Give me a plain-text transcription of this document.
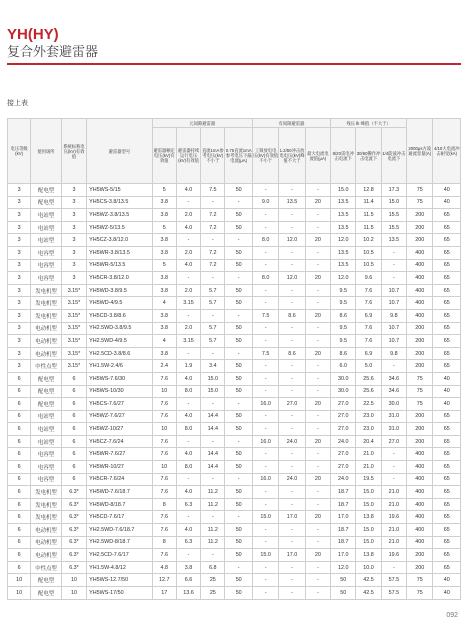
YH(HY)
复合外套避雷器
接上表
电压等级(kV)	使用场所	系统标称电压(kV)有效值	避雷器型号	元间隙避雷器				有间隙避雷器			残压 ⅡI 峰值（不大于）			2000μs方波通流容量(A)	4/10大电流冲击耐受(kA)
				避雷器额定电压(kV)有效值	避雷器持续运行电压(kV)有效值	直流1mA参考电压(kV)不小于	0.75直流1mA参考电压下漏电流(μA)	工频放电电压(kV)有效值不小于	1.2/50冲击放电电压(kV)峰值不大于	最大电流电流值(μA)	8/20雷电冲击电流下	30/60操作冲击电流下	1/4陡波冲击电流下		
3	配电型	3	YH5WS-5/15	5	4.0	7.5	50	-	-	-	15.0	12.8	17.3	75	40
3	配电型	3	YH5CS-3.8/13.5	3.8	-	-	-	9.0	13.5	20	13.5	11.4	15.0	75	40
3	电站型	3	YH5WZ-3.8/13.5	3.8	2.0	7.2	50	-	-	-	13.5	11.5	15.5	200	65
3	电站型	3	YH5WZ-5/13.5	5	4.0	7.2	50	-	-	-	13.5	11.5	15.5	200	65
3	电站型	3	YH5CZ-3.8/12.0	3.8	-	-	-	8.0	12.0	20	12.0	10.2	13.5	200	65
3	电容型	3	YH5WR-3.8/13.5	3.8	2.0	7.2	50	-	-	-	13.5	10.5	-	400	65
3	电容型	3	YH5WR-5/13.5	5	4.0	7.2	50	-	-	-	13.5	10.5	-	400	65
3	电容型	3	YH5CR-3.8/12.0	3.8	-	-	-	8.0	12.0	20	12.0	9.6	-	400	65
3	发电机型	3.15*	YH5WD-3.8/9.5	3.8	2.0	5.7	50	-	-	-	9.5	7.6	10.7	400	65
3	发电机型	3.15*	YH5WD-4/9.5	4	3.15	5.7	50	-	-	-	9.5	7.6	10.7	400	65
3	发电机型	3.15*	YH5CD-3.8/8.6	3.8	-	-	-	7.5	8.6	20	8.6	6.9	9.8	400	65
3	电动机型	3.15*	YH2.5WD-3.8/9.5	3.8	2.0	5.7	50	-	-	-	9.5	7.6	10.7	200	65
3	电动机型	3.15*	YH2.5WD-4/9.5	4	3.15	5.7	50	-	-	-	9.5	7.6	10.7	200	65
3	电动机型	3.15*	YH2.5CD-3.8/8.6	3.8	-	-	-	7.5	8.6	20	8.6	6.9	9.8	200	65
3	中性点型	3.15*	YH1.5W-2.4/6	2.4	1.9	3.4	50	-	-	-	6.0	5.0	-	200	65
6	配电型	6	YH5WS-7.6/30	7.6	4.0	15.0	50	-	-	-	30.0	25.6	34.6	75	40
6	配电型	6	YH5WS-10/30	10	8.0	15.0	50	-	-	-	30.0	25.6	34.6	75	40
6	配电型	6	YH5CS-7.6/27	7.6	-	-	-	16.0	27.0	20	27.0	22.5	30.0	75	40
6	电站型	6	YH5WZ-7.6/27	7.6	4.0	14.4	50	-	-	-	27.0	23.0	31.0	200	65
6	电站型	6	YH5WZ-10/27	10	8.0	14.4	50	-	-	-	27.0	23.0	31.0	200	65
6	电站型	6	YH5CZ-7.6/24	7.6	-	-	-	16.0	24.0	20	24.0	20.4	27.0	200	65
6	电容型	6	YH5WR-7.6/27	7.6	4.0	14.4	50	-	-	-	27.0	21.0	-	400	65
6	电容型	6	YH5WR-10/27	10	8.0	14.4	50	-	-	-	27.0	21.0	-	400	65
6	电容型	6	YH5CR-7.6/24	7.6	-	-	-	16.0	24.0	20	24.0	19.5	-	400	65
6	发电机型	6.3*	YH5WD-7.6/18.7	7.6	4.0	11.2	50	-	-	-	18.7	15.0	21.0	400	65
6	发电机型	6.3*	YH5WD-8/18.7	8	6.3	11.2	50	-	-	-	18.7	15.0	21.0	400	65
6	发电机型	6.3*	YH5CD-7.6/17	7.6	-	-	-	15.0	17.0	20	17.0	13.8	19.6	400	65
6	电动机型	6.3*	YH2.5WD-7.6/18.7	7.6	4.0	11.2	50	-	-	-	18.7	15.0	21.0	400	65
6	电动机型	6.3*	YH2.5WD-8/18.7	8	6.3	11.2	50	-	-	-	18.7	15.0	21.0	400	65
6	电动机型	6.3*	YH2.5CD-7.6/17	7.6	-	-	50	15.0	17.0	20	17.0	13.8	19.6	200	65
6	中性点型	6.3*	YH1.5W-4.8/12	4.8	3.8	6.8	-	-	-	-	12.0	10.0	-	200	65
10	配电型	10	YH5WS-12.7/50	12.7	6.6	25	50	-	-	-	50	42.5	57.5	75	40
10	配电型	10	YH5WS-17/50	17	13.6	25	50	-	-	-	50	42.5	57.5	75	40
092
